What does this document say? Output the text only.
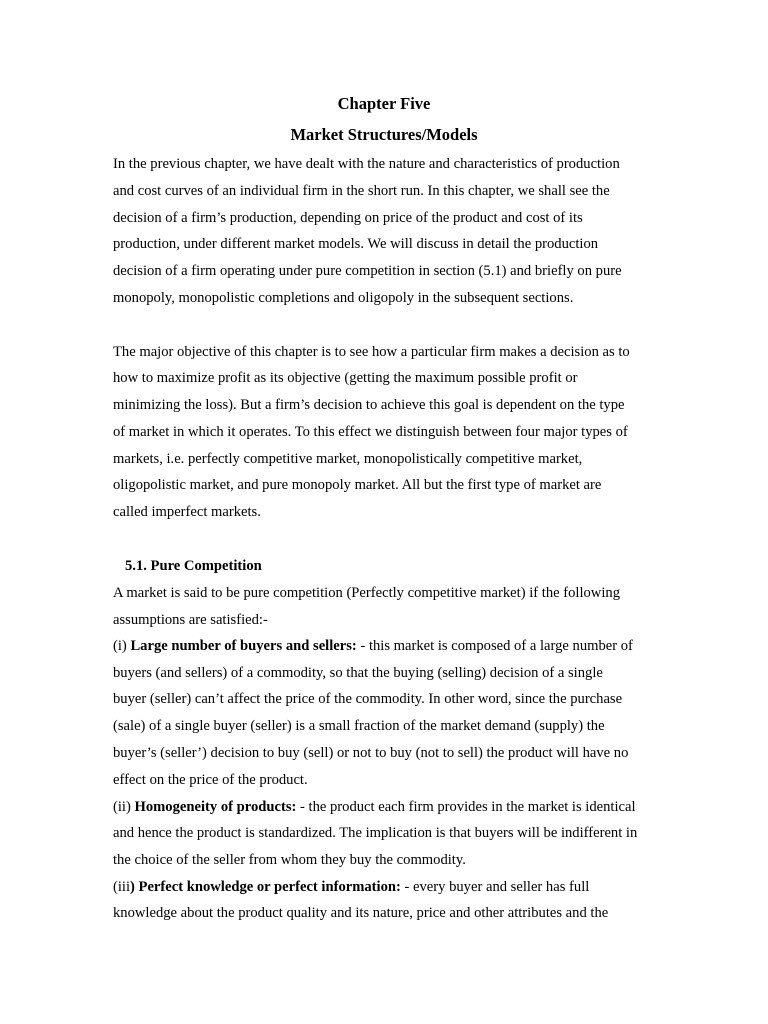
Chapter Five
Market Structures/Models
In the previous chapter, we have dealt with the nature and characteristics of production
and cost curves of an individual firm in the short run. In this chapter, we shall see the
decision of a firm’s production, depending on price of the product and cost of its
production, under different market models. We will discuss in detail the production
decision of a firm operating under pure competition in section (5.1) and briefly on pure
monopoly, monopolistic completions and oligopoly in the subsequent sections.
The major objective of this chapter is to see how a particular firm makes a decision as to
how to maximize profit as its objective (getting the maximum possible profit or
minimizing the loss). But a firm’s decision to achieve this goal is dependent on the type
of market in which it operates. To this effect we distinguish between four major types of
markets, i.e. perfectly competitive market, monopolistically competitive market,
oligopolistic market, and pure monopoly market. All but the first type of market are
called imperfect markets.
5.1. Pure Competition
A market is said to be pure competition (Perfectly competitive market) if the following
assumptions are satisfied:-
(i) Large number of buyers and sellers: - this market is composed of a large number of
buyers (and sellers) of a commodity, so that the buying (selling) decision of a single
buyer (seller) can’t affect the price of the commodity. In other word, since the purchase
(sale) of a single buyer (seller) is a small fraction of the market demand (supply) the
buyer’s (seller’) decision to buy (sell) or not to buy (not to sell) the product will have no
effect on the price of the product.
(ii) Homogeneity of products: - the product each firm provides in the market is identical
and hence the product is standardized. The implication is that buyers will be indifferent in
the choice of the seller from whom they buy the commodity.
(iii) Perfect knowledge or perfect information: - every buyer and seller has full
knowledge about the product quality and its nature, price and other attributes and the
